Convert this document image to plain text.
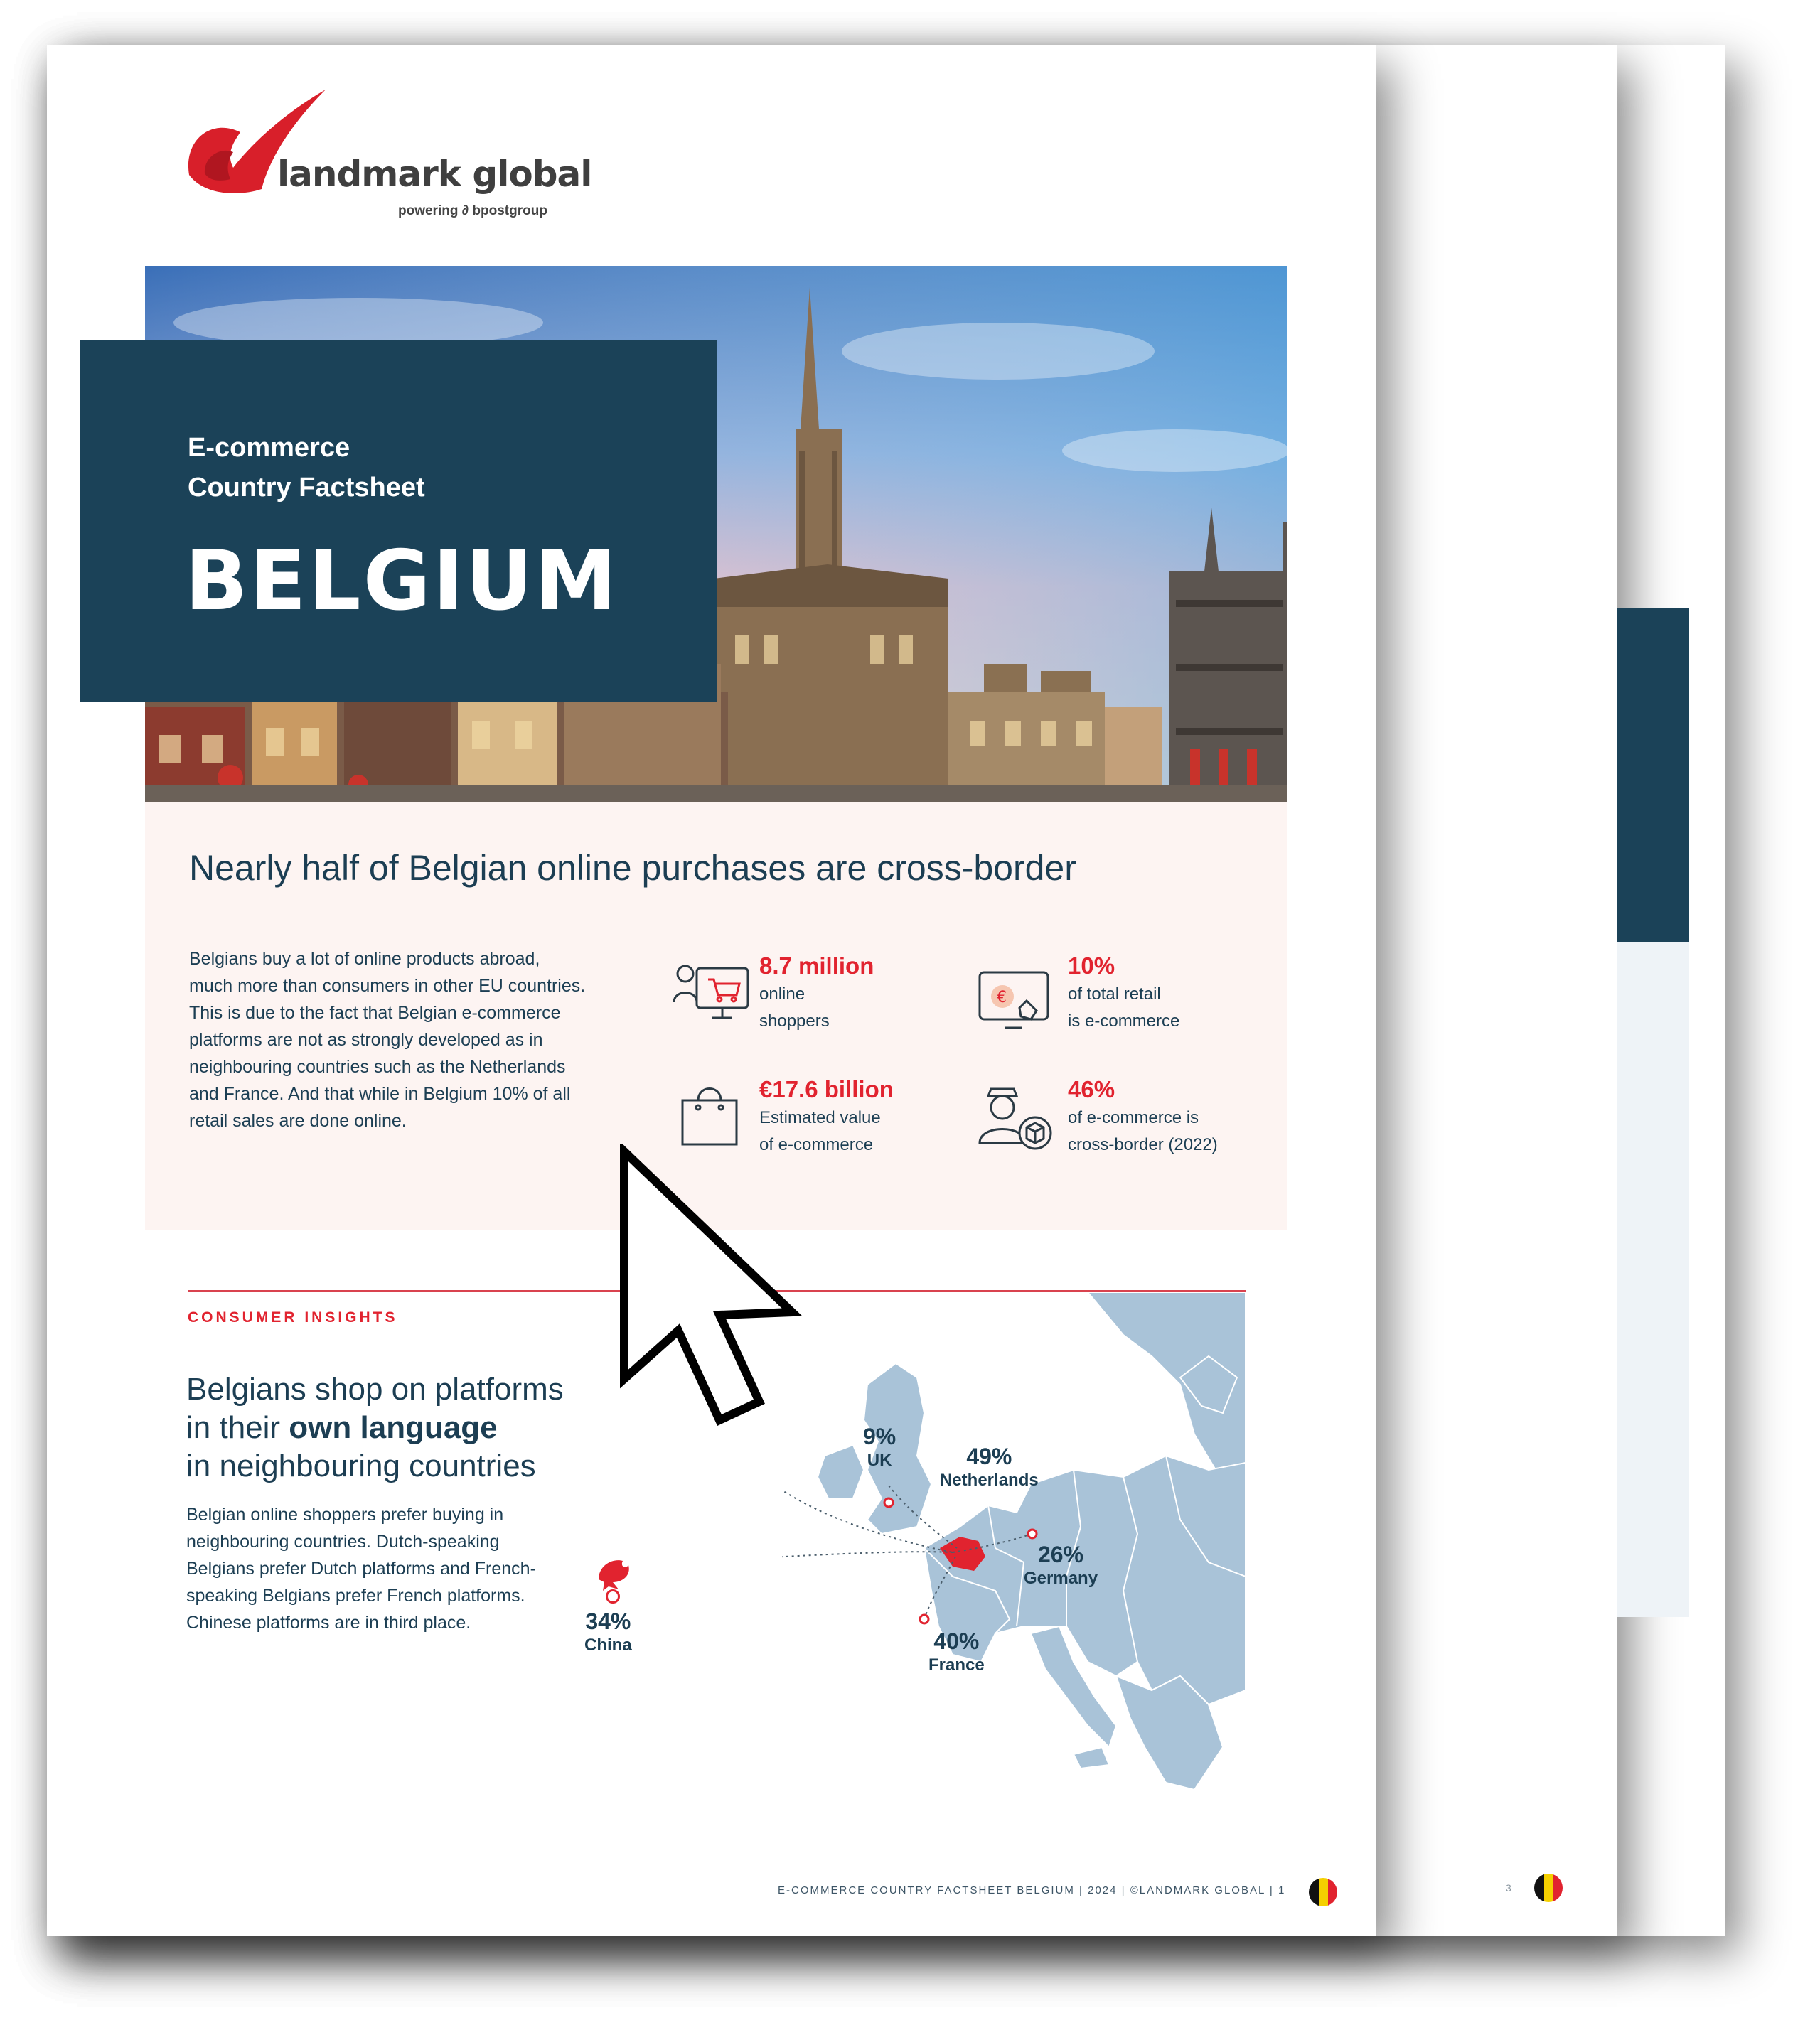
3
landmark global
powering ∂ bpostgroup
E-commerce
Country Factsheet
BELGIUM
Nearly half of Belgian online purchases are cross-border
Belgians buy a lot of online products abroad, much more than consumers in other EU countries. This is due to the fact that Belgian e-commerce platforms are not as strongly developed as in neighbouring countries such as the Netherlands and France. And that while in Belgium 10% of all retail sales are done online.
8.7 million
online
shoppers
€
10%
of total retail
is e-commerce
€17.6 billion
Estimated value
of e-commerce
46%
of e-commerce is
cross-border (2022)
CONSUMER INSIGHTS
Belgians shop on platforms
in their own language
in neighbouring countries
Belgian online shoppers prefer buying in neighbouring countries. Dutch-speaking Belgians prefer Dutch platforms and French-speaking Belgians prefer French platforms. Chinese platforms are in third place.
9%
UK	49%
Netherlands
26%
Germany
40%
France
34%
China
E-COMMERCE COUNTRY FACTSHEET BELGIUM | 2024 | ©LANDMARK GLOBAL | 1
